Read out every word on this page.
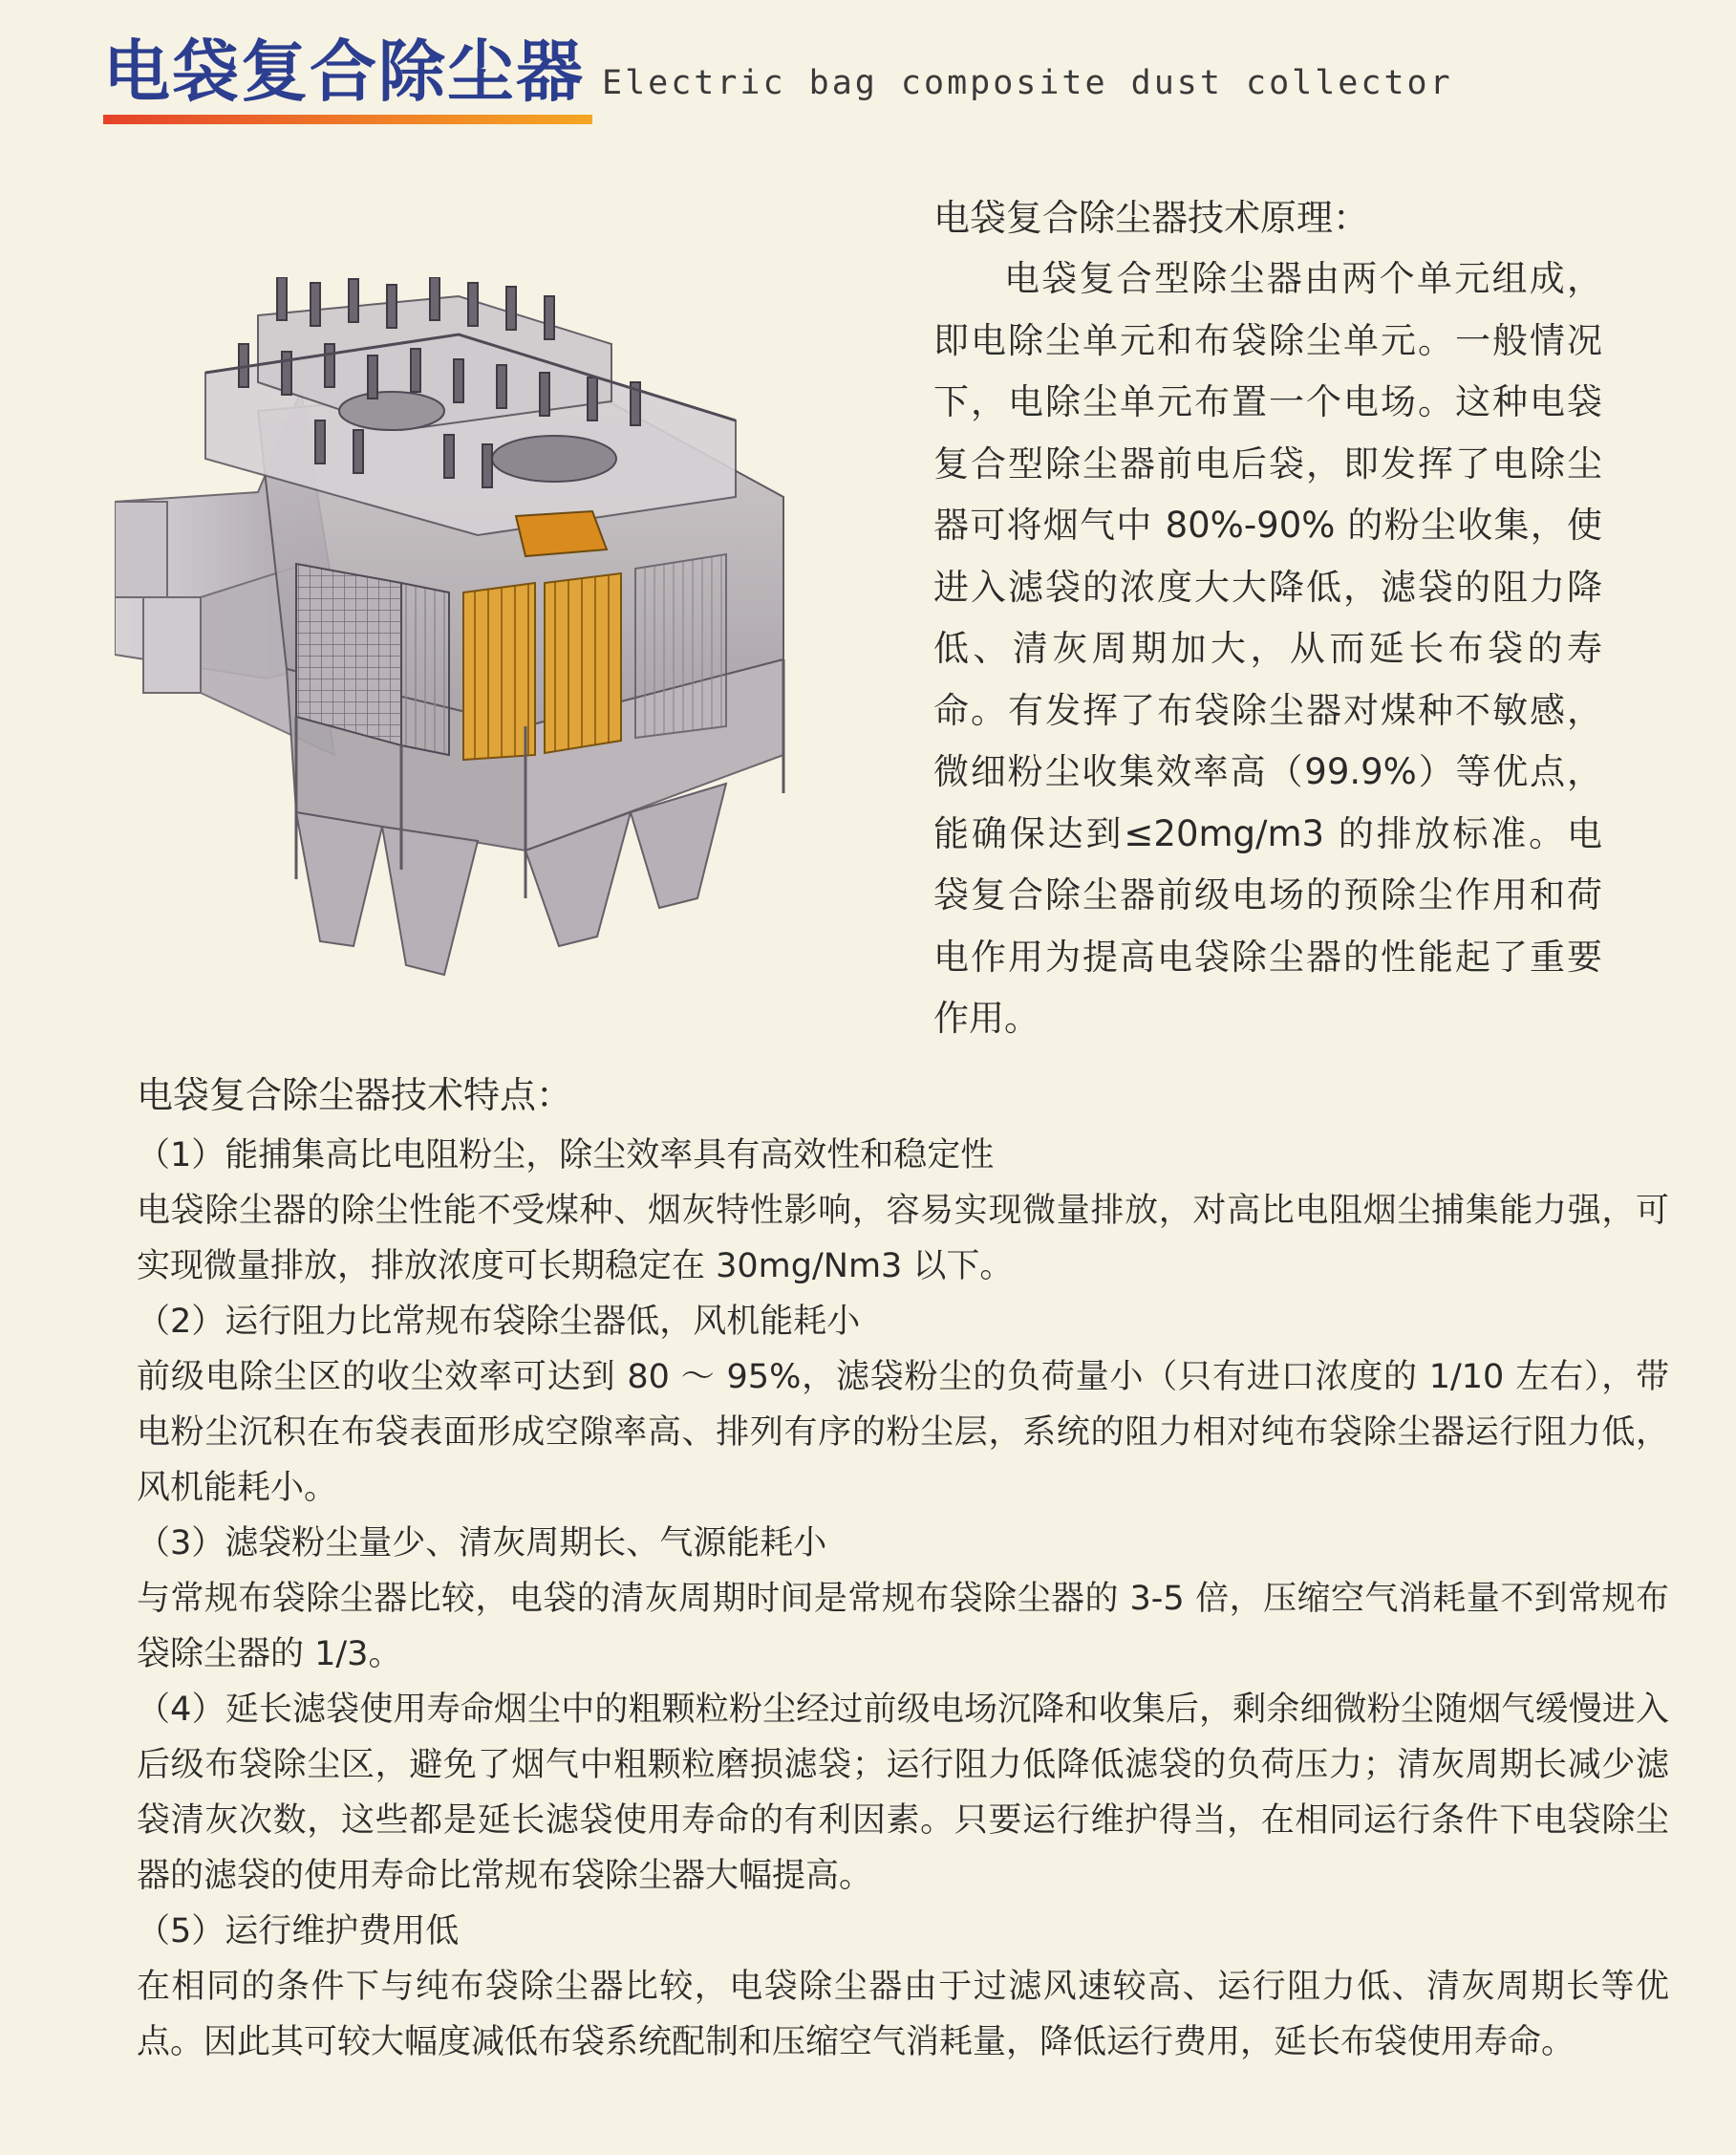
电袋复合除尘器 Electric bag composite dust collector
电袋复合除尘器技术原理：

电袋复合型除尘器由两个单元组成，即电除尘单元和布袋除尘单元。一般情况下，电除尘单元布置一个电场。这种电袋复合型除尘器前电后袋，即发挥了电除尘器可将烟气中 80%-90% 的粉尘收集，使进入滤袋的浓度大大降低，滤袋的阻力降低、清灰周期加大，从而延长布袋的寿命。有发挥了布袋除尘器对煤种不敏感，微细粉尘收集效率高（99.9%）等优点，能确保达到≤20mg/m3 的排放标准。电袋复合除尘器前级电场的预除尘作用和荷电作用为提高电袋除尘器的性能起了重要作用。

电袋复合除尘器技术特点：
（1）能捕集高比电阻粉尘，除尘效率具有高效性和稳定性

电袋除尘器的除尘性能不受煤种、烟灰特性影响，容易实现微量排放，对高比电阻烟尘捕集能力强，可实现微量排放，排放浓度可长期稳定在 30mg/Nm3 以下。

（2）运行阻力比常规布袋除尘器低，风机能耗小

前级电除尘区的收尘效率可达到 80 ～ 95%，滤袋粉尘的负荷量小（只有进口浓度的 1/10 左右），带电粉尘沉积在布袋表面形成空隙率高、排列有序的粉尘层，系统的阻力相对纯布袋除尘器运行阻力低，风机能耗小。

（3）滤袋粉尘量少、清灰周期长、气源能耗小

与常规布袋除尘器比较，电袋的清灰周期时间是常规布袋除尘器的 3-5 倍，压缩空气消耗量不到常规布袋除尘器的 1/3。

（4）延长滤袋使用寿命烟尘中的粗颗粒粉尘经过前级电场沉降和收集后，剩余细微粉尘随烟气缓慢进入后级布袋除尘区，避免了烟气中粗颗粒磨损滤袋；运行阻力低降低滤袋的负荷压力；清灰周期长减少滤袋清灰次数，这些都是延长滤袋使用寿命的有利因素。只要运行维护得当，在相同运行条件下电袋除尘器的滤袋的使用寿命比常规布袋除尘器大幅提高。

（5）运行维护费用低

在相同的条件下与纯布袋除尘器比较，电袋除尘器由于过滤风速较高、运行阻力低、清灰周期长等优点。因此其可较大幅度减低布袋系统配制和压缩空气消耗量，降低运行费用，延长布袋使用寿命。
